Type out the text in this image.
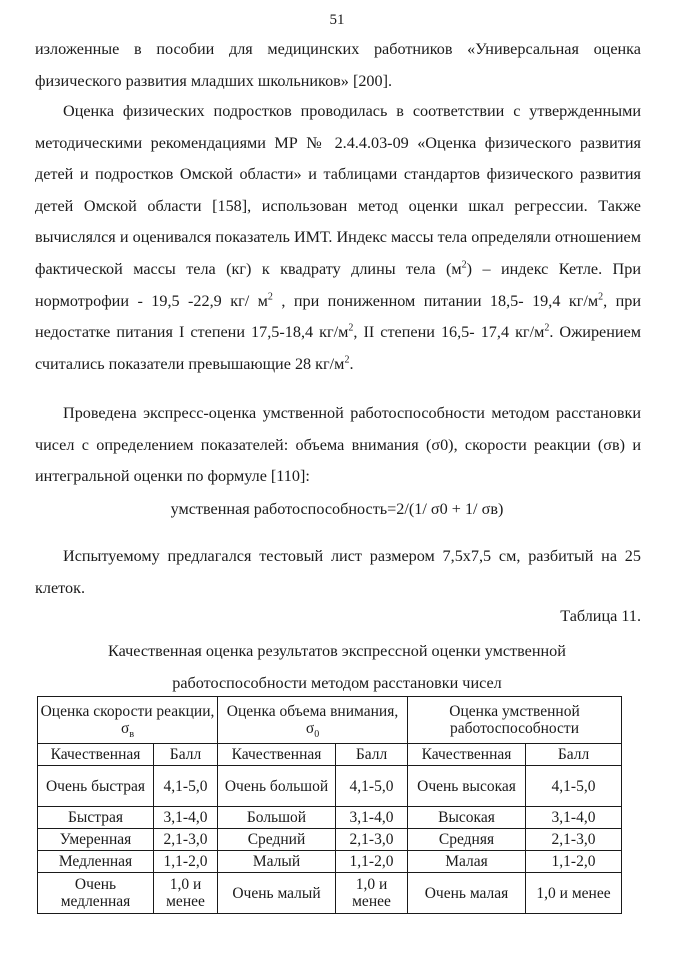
51

изложенные в пособии для медицинских работников «Универсальная оценка физического развития младших школьников» [200].

Оценка физических подростков проводилась в соответствии с утвержденными методическими рекомендациями МР № 2.4.4.03-09 «Оценка физического развития детей и подростков Омской области» и таблицами стандартов физического развития детей Омской области [158], использован метод оценки шкал регрессии. Также вычислялся и оценивался показатель ИМТ. Индекс массы тела определяли отношением фактической массы тела (кг) к квадрату длины тела $(м^2)$ – индекс Кетле. При нормотрофии - 19,5 -22,9 кг/ $м^2$ , при пониженном питании 18,5- 19,4 $кг/м^2$, при недостатке питания I степени 17,5-18,4 $кг/м^2$, II степени 16,5- 17,4 $кг/м^2$. Ожирением считались показатели превышающие 28 $кг/м^2$.

Проведена экспресс-оценка умственной работоспособности методом расстановки чисел с определением показателей: объема внимания (σ0), скорости реакции (σв) и интегральной оценки по формуле [110]:

умственная работоспособность=2/(1/ σ0 + 1/ σв)

Испытуемому предлагался тестовый лист размером 7,5х7,5 см, разбитый на 25 клеток.

Таблица 11.

Качественная оценка результатов экспрессной оценки умственной
работоспособности методом расстановки чисел
Оценка скорости реакции, $\sigma_в$		Оценка объема внимания, $\sigma_0$		Оценка умственной работоспособности	
Качественная	Балл	Качественная	Балл	Качественная	Балл
Очень быстрая	4,1-5,0	Очень большой	4,1-5,0	Очень высокая	4,1-5,0
Быстрая	3,1-4,0	Большой	3,1-4,0	Высокая	3,1-4,0
Умеренная	2,1-3,0	Средний	2,1-3,0	Средняя	2,1-3,0
Медленная	1,1-2,0	Малый	1,1-2,0	Малая	1,1-2,0
Очень медленная	1,0 и менее	Очень малый	1,0 и менее	Очень малая	1,0 и менее
